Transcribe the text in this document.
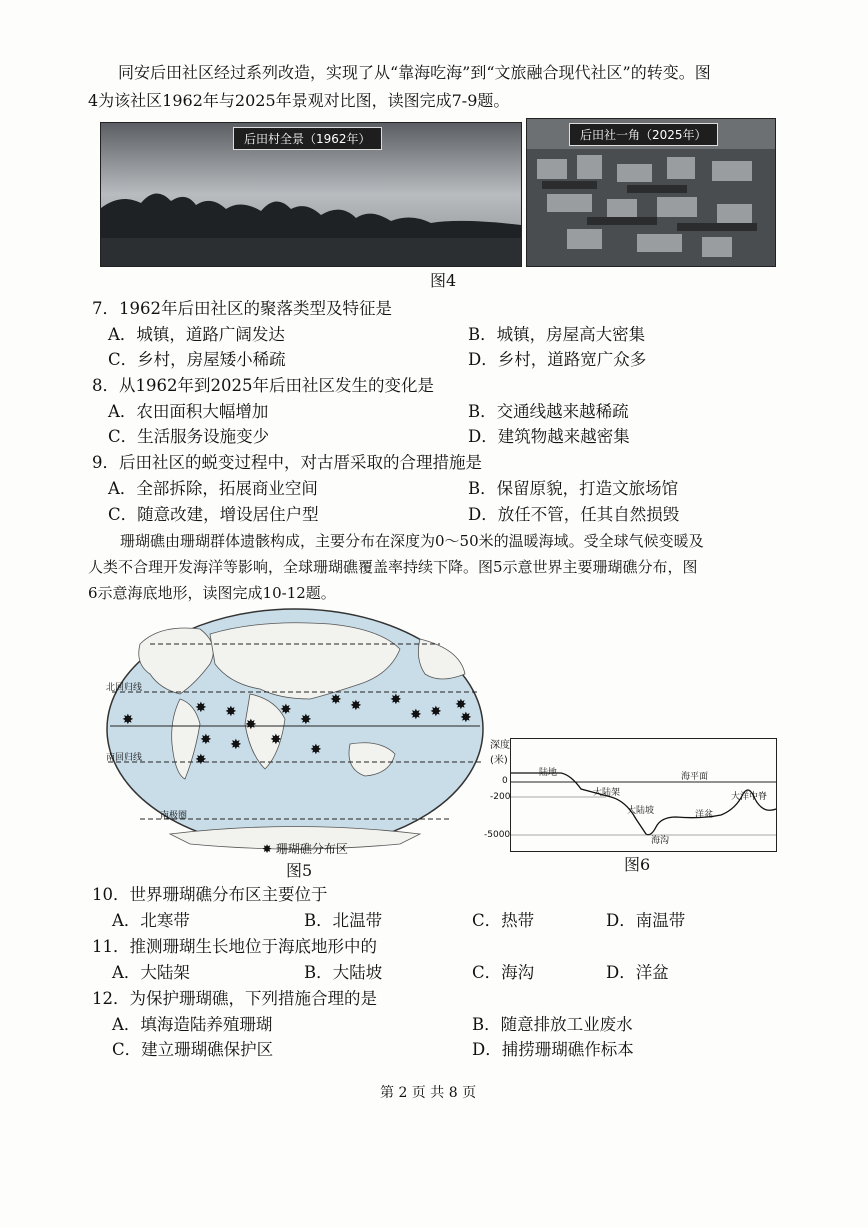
同安后田社区经过系列改造，实现了从“靠海吃海”到“文旅融合现代社区”的转变。图
4为该社区1962年与2025年景观对比图，读图完成7-9题。
后田村全景（1962年）	后田社一角（2025年）
图4
7．1962年后田社区的聚落类型及特征是
A．城镇，道路广阔发达	B．城镇，房屋高大密集
C．乡村，房屋矮小稀疏	D．乡村，道路宽广众多
8．从1962年到2025年后田社区发生的变化是
A．农田面积大幅增加	B．交通线越来越稀疏
C．生活服务设施变少	D．建筑物越来越密集
9．后田社区的蜕变过程中，对古厝采取的合理措施是
A．全部拆除，拓展商业空间	B．保留原貌，打造文旅场馆
C．随意改建，增设居住户型	D．放任不管，任其自然损毁
珊瑚礁由珊瑚群体遗骸构成，主要分布在深度为0～50米的温暖海域。受全球气候变暖及
人类不合理开发海洋等影响，全球珊瑚礁覆盖率持续下降。图5示意世界主要珊瑚礁分布，图
6示意海底地形，读图完成10-12题。
✸
✸ ✸
✸
✸
✸ ✸ ✸
✸ ✸ ✸
✸
✸ ✸ ✸
✸
✸
✸
北回归线
南回归线
南极圈
✸ 珊瑚礁分布区
图5
陆地
大陆架
海平面
大陆坡
海沟
洋盆
大洋中脊
深度
(米)
0
-200
-5000
图6
10．世界珊瑚礁分布区主要位于
A．北寒带	B．北温带	C．热带	D．南温带
11．推测珊瑚生长地位于海底地形中的
A．大陆架	B．大陆坡	C．海沟	D．洋盆
12．为保护珊瑚礁，下列措施合理的是
A．填海造陆养殖珊瑚	B．随意排放工业废水
C．建立珊瑚礁保护区	D．捕捞珊瑚礁作标本
第 2 页 共 8 页
